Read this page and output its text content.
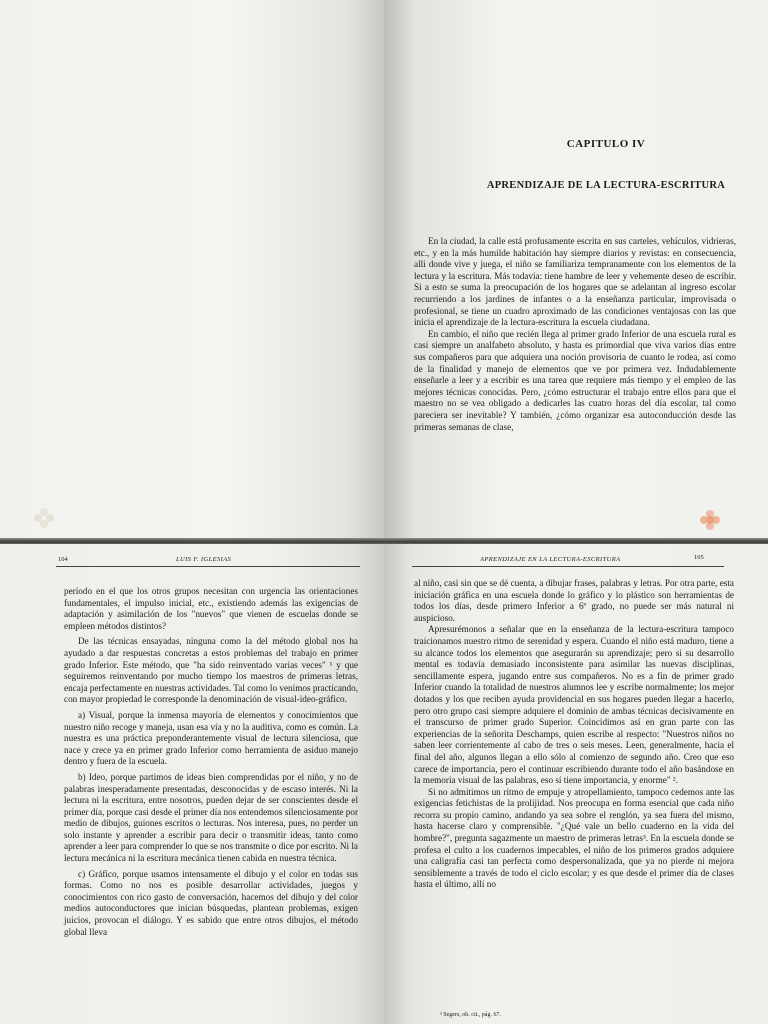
CAPITULO IV
APRENDIZAJE DE LA LECTURA-ESCRITURA

En la ciudad, la calle está profusamente escrita en sus carteles, vehículos, vidrieras, etc., y en la más humilde habitación hay siempre diarios y revistas: en consecuencia, allí donde vive y juega, el niño se familiariza tempranamente con los elementos de la lectura y la escritura. Más todavía: tiene hambre de leer y vehemente deseo de escribir. Si a esto se suma la preocupación de los hogares que se adelantan al ingreso escolar recurriendo a los jardines de infantes o a la enseñanza particular, improvisada o profesional, se tiene un cuadro aproximado de las condiciones ventajosas con las que inicia el aprendizaje de la lectura-escritura la escuela ciudadana.

En cambio, el niño que recién llega al primer grado Inferior de una escuela rural es casi siempre un analfabeto absoluto, y hasta es primordial que viva varios días entre sus compañeros para que adquiera una noción provisoria de cuanto le rodea, así como de la finalidad y manejo de elementos que ve por primera vez. Indudablemente enseñarle a leer y a escribir es una tarea que requiere más tiempo y el empleo de las mejores técnicas conocidas. Pero, ¿cómo estructurar el trabajo entre ellos para que el maestro no se vea obligado a dedicarles las cuatro horas del día escolar, tal como pareciera ser inevitable? Y también, ¿cómo organizar esa autoconducción desde las primeras semanas de clase,

104	LUIS F. IGLESIAS

período en el que los otros grupos necesitan con urgencia las orientaciones fundamentales, el impulso inicial, etc., existiendo además las exigencias de adaptación y asimilación de los "nuevos" que vienen de escuelas donde se empleen métodos distintos?

De las técnicas ensayadas, ninguna como la del método global nos ha ayudado a dar respuestas concretas a estos problemas del trabajo en primer grado Inferior. Este método, que "ha sido reinventado varias veces" ¹ y que seguiremos reinventando por mucho tiempo los maestros de primeras letras, encaja perfectamente en nuestras actividades. Tal como lo venimos practicando, con mayor propiedad le corresponde la denominación de visual-ideo-gráfico.

a) Visual, porque la inmensa mayoría de elementos y conocimientos que nuestro niño recoge y maneja, usan esa vía y no la auditiva, como es común. La nuestra es una práctica preponderantemente visual de lectura silenciosa, que nace y crece ya en primer grado Inferior como herramienta de asiduo manejo dentro y fuera de la escuela.

b) Ideo, porque partimos de ideas bien comprendidas por el niño, y no de palabras inesperadamente presentadas, desconocidas y de escaso interés. Ni la lectura ni la escritura, entre nosotros, pueden dejar de ser conscientes desde el primer día, porque casi desde el primer día nos entendemos silenciosamente por medio de dibujos, guiones escritos o lecturas. Nos interesa, pues, no perder un solo instante y aprender a escribir para decir o transmitir ideas, tanto como aprender a leer para comprender lo que se nos transmite o dice por escrito. Ni la lectura mecánica ni la escritura mecánica tienen cabida en nuestra técnica.

c) Gráfico, porque usamos intensamente el dibujo y el color en todas sus formas. Como no nos es posible desarrollar actividades, juegos y conocimientos con rico gasto de conversación, hacemos del dibujo y del color medios autoconductores que inician búsquedas, plantean problemas, exigen juicios, provocan el diálogo. Y es sabido que entre otros dibujos, el método global lleva

APRENDIZAJE EN LA LECTURA-ESCRITURA	105

al niño, casi sin que se dé cuenta, a dibujar frases, palabras y letras. Por otra parte, esta iniciación gráfica en una escuela donde lo gráfico y lo plástico son herramientas de todos los días, desde primero Inferior a 6º grado, no puede ser más natural ni auspicioso.

Apresurémonos a señalar que en la enseñanza de la lectura-escritura tampoco traicionamos nuestro ritmo de serenidad y espera. Cuando el niño está maduro, tiene a su alcance todos los elementos que asegurarán su aprendizaje; pero si su desarrollo mental es todavía demasiado inconsistente para asimilar las nuevas disciplinas, sencillamente espera, jugando entre sus compañeros. No es a fin de primer grado Inferior cuando la totalidad de nuestros alumnos lee y escribe normalmente; los mejor dotados y los que reciben ayuda providencial en sus hogares pueden llegar a hacerlo, pero otro grupo casi siempre adquiere el dominio de ambas técnicas decisivamente en el transcurso de primer grado Superior. Coincidimos así en gran parte con las experiencias de la señorita Deschamps, quien escribe al respecto: "Nuestros niños no saben leer corrientemente al cabo de tres o seis meses. Leen, generalmente, hacia el final del año, algunos llegan a ello sólo al comienzo de segundo año. Creo que eso carece de importancia, pero el continuar escribiendo durante todo el año basándose en la memoria visual de las palabras, eso sí tiene importancia, y enorme" ².

Si no admitimos un ritmo de empuje y atropellamiento, tampoco cedemos ante las exigencias fetichistas de la prolijidad. Nos preocupa en forma esencial que cada niño recorra su propio camino, andando ya sea sobre el renglón, ya sea fuera del mismo, hasta hacerse claro y comprensible. "¿Qué vale un bello cuaderno en la vida del hombre?", pregunta sagazmente un maestro de primeras letras³. En la escuela donde se profesa el culto a los cuadernos impecables, el niño de los primeros grados adquiere una caligrafía casi tan perfecta como despersonalizada, que ya no pierde ni mejora sensiblemente a través de todo el ciclo escolar; y es que desde el primer día de clases hasta el último, allí no

² Segers, ob. cit., pág. 67.
